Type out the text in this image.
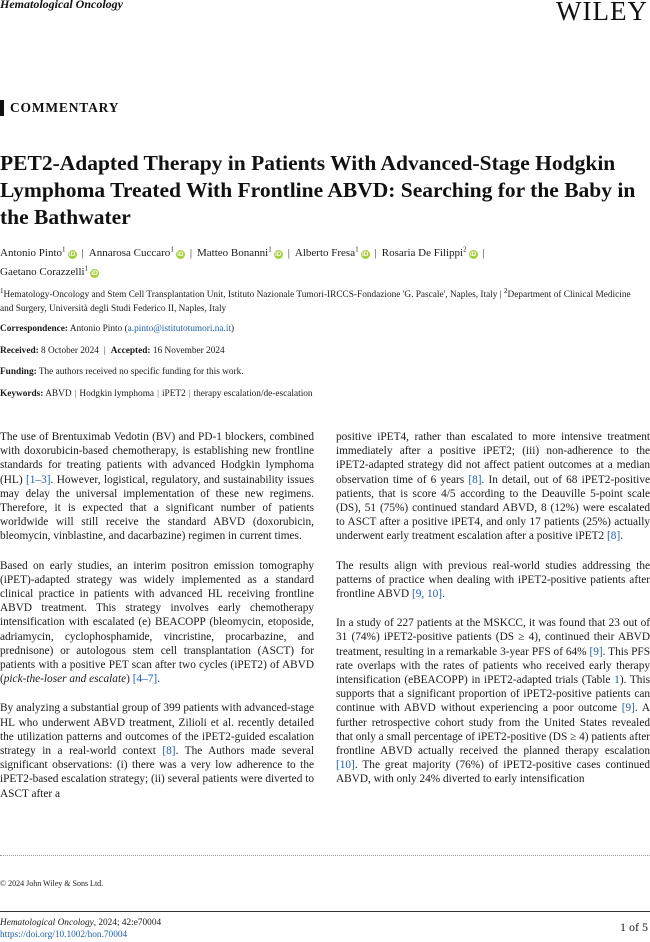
Hematological Oncology	WILEY
COMMENTARY
PET2-Adapted Therapy in Patients With Advanced-Stage Hodgkin Lymphoma Treated With Frontline ABVD: Searching for the Baby in the Bathwater
Antonio Pinto$^1$iD | Annarosa Cuccaro$^1$iD | Matteo Bonanni$^1$iD | Alberto Fresa$^1$iD | Rosaria De Filippi$^2$iD |
Gaetano Corazzelli$^1$iD
$^1$Hematology-Oncology and Stem Cell Transplantation Unit, Istituto Nazionale Tumori-IRCCS-Fondazione 'G. Pascale', Naples, Italy | $^2$Department of Clinical Medicine and Surgery, Università degli Studi Federico II, Naples, Italy
Correspondence: Antonio Pinto (a.pinto@istitutotumori.na.it)
Received: 8 October 2024 | Accepted: 16 November 2024
Funding: The authors received no specific funding for this work.
Keywords: ABVD | Hodgkin lymphoma | iPET2 | therapy escalation/de-escalation

The use of Brentuximab Vedotin (BV) and PD-1 blockers, combined with doxorubicin-based chemotherapy, is establishing new frontline standards for treating patients with advanced Hodgkin lymphoma (HL) [1–3]. However, logistical, regulatory, and sustainability issues may delay the universal implementation of these new regimens. Therefore, it is expected that a significant number of patients worldwide will still receive the standard ABVD (doxorubicin, bleomycin, vinblastine, and dacarbazine) regimen in current times.

Based on early studies, an interim positron emission tomography (iPET)-adapted strategy was widely implemented as a standard clinical practice in patients with advanced HL receiving frontline ABVD treatment. This strategy involves early chemotherapy intensification with escalated (e) BEACOPP (bleomycin, etoposide, adriamycin, cyclophosphamide, vincristine, procarbazine, and prednisone) or autologous stem cell transplantation (ASCT) for patients with a positive PET scan after two cycles (iPET2) of ABVD (pick-the-loser and escalate) [4–7].

By analyzing a substantial group of 399 patients with advanced-stage HL who underwent ABVD treatment, Zilioli et al. recently detailed the utilization patterns and outcomes of the iPET2-guided escalation strategy in a real-world context [8]. The Authors made several significant observations: (i) there was a very low adherence to the iPET2-based escalation strategy; (ii) several patients were diverted to ASCT after a

positive iPET4, rather than escalated to more intensive treatment immediately after a positive iPET2; (iii) non-adherence to the iPET2-adapted strategy did not affect patient outcomes at a median observation time of 6 years [8]. In detail, out of 68 iPET2-positive patients, that is score 4/5 according to the Deauville 5-point scale (DS), 51 (75%) continued standard ABVD, 8 (12%) were escalated to ASCT after a positive iPET4, and only 17 patients (25%) actually underwent early treatment escalation after a positive iPET2 [8].

The results align with previous real-world studies addressing the patterns of practice when dealing with iPET2-positive patients after frontline ABVD [9, 10].

In a study of 227 patients at the MSKCC, it was found that 23 out of 31 (74%) iPET2-positive patients (DS ≥ 4), continued their ABVD treatment, resulting in a remarkable 3-year PFS of 64% [9]. This PFS rate overlaps with the rates of patients who received early therapy intensification (eBEACOPP) in iPET2-adapted trials (Table 1). This supports that a significant proportion of iPET2-positive patients can continue with ABVD without experiencing a poor outcome [9]. A further retrospective cohort study from the United States revealed that only a small percentage of iPET2-positive (DS ≥ 4) patients after frontline ABVD actually received the planned therapy escalation [10]. The great majority (76%) of iPET2-positive cases continued ABVD, with only 24% diverted to early intensification

© 2024 John Wiley & Sons Ltd.
Hematological Oncology, 2024; 42:e70004
https://doi.org/10.1002/hon.70004
1 of 5
